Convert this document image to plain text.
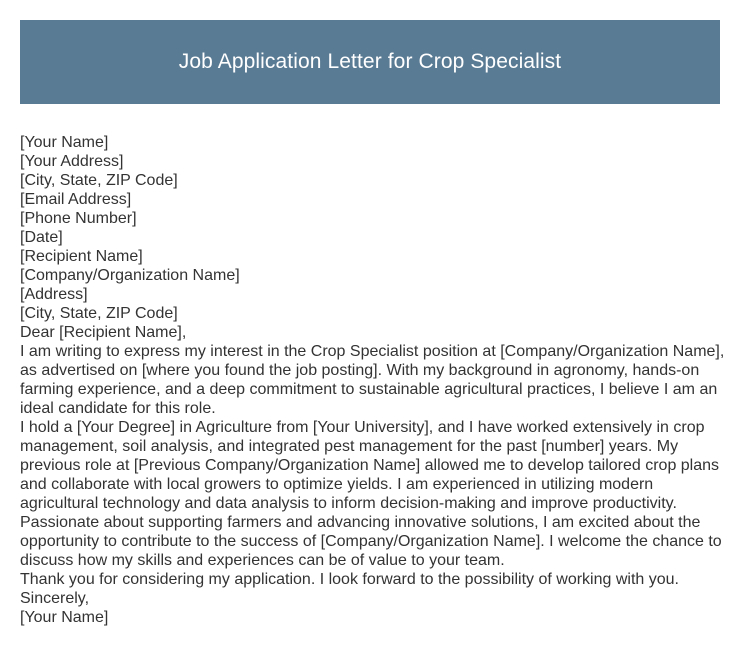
Job Application Letter for Crop Specialist
[Your Name]
[Your Address]
[City, State, ZIP Code]
[Email Address]
[Phone Number]
[Date]
[Recipient Name]
[Company/Organization Name]
[Address]
[City, State, ZIP Code]

Dear [Recipient Name],

I am writing to express my interest in the Crop Specialist position at [Company/Organization Name], as advertised on [where you found the job posting]. With my background in agronomy, hands-on farming experience, and a deep commitment to sustainable agricultural practices, I believe I am an ideal candidate for this role.

I hold a [Your Degree] in Agriculture from [Your University], and I have worked extensively in crop management, soil analysis, and integrated pest management for the past [number] years. My previous role at [Previous Company/Organization Name] allowed me to develop tailored crop plans and collaborate with local growers to optimize yields. I am experienced in utilizing modern agricultural technology and data analysis to inform decision-making and improve productivity.

Passionate about supporting farmers and advancing innovative solutions, I am excited about the opportunity to contribute to the success of [Company/Organization Name]. I welcome the chance to discuss how my skills and experiences can be of value to your team.

Thank you for considering my application. I look forward to the possibility of working with you.

Sincerely,

[Your Name]
